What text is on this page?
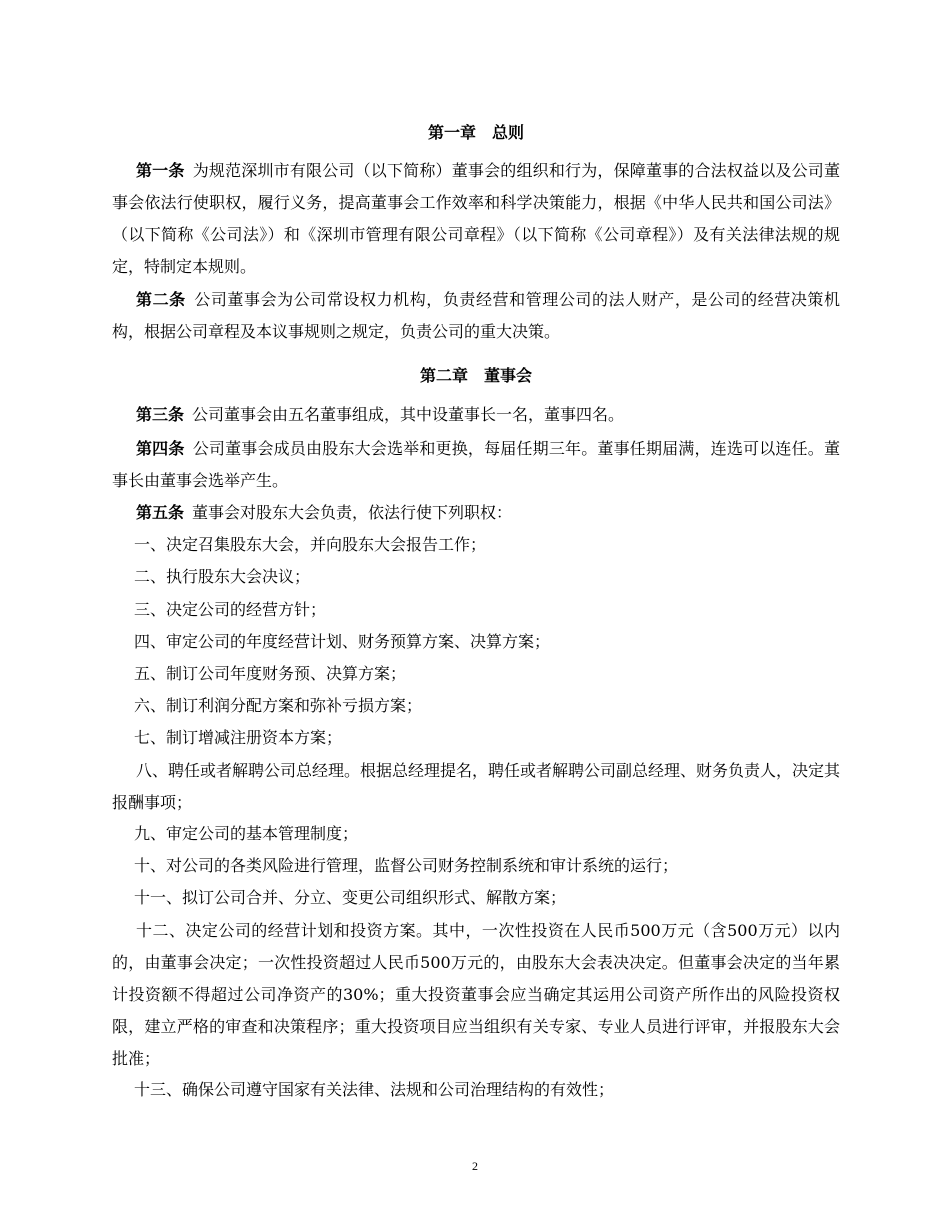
第一章　总则
第一条  为规范深圳市有限公司（以下简称）董事会的组织和行为，保障董事的合法权益以及公司董事会依法行使职权，履行义务，提高董事会工作效率和科学决策能力，根据《中华人民共和国公司法》（以下简称《公司法》）和《深圳市管理有限公司章程》（以下简称《公司章程》）及有关法律法规的规定，特制定本规则。
第二条  公司董事会为公司常设权力机构，负责经营和管理公司的法人财产，是公司的经营决策机构，根据公司章程及本议事规则之规定，负责公司的重大决策。
第二章　董事会
第三条  公司董事会由五名董事组成，其中设董事长一名，董事四名。
第四条  公司董事会成员由股东大会选举和更换，每届任期三年。董事任期届满，连选可以连任。董事长由董事会选举产生。
第五条  董事会对股东大会负责，依法行使下列职权：
一、决定召集股东大会，并向股东大会报告工作；
二、执行股东大会决议；
三、决定公司的经营方针；
四、审定公司的年度经营计划、财务预算方案、决算方案；
五、制订公司年度财务预、决算方案；
六、制订利润分配方案和弥补亏损方案；
七、制订增减注册资本方案；
八、聘任或者解聘公司总经理。根据总经理提名，聘任或者解聘公司副总经理、财务负责人，决定其报酬事项；
九、审定公司的基本管理制度；
十、对公司的各类风险进行管理，监督公司财务控制系统和审计系统的运行；
十一、拟订公司合并、分立、变更公司组织形式、解散方案；
十二、决定公司的经营计划和投资方案。其中，一次性投资在人民币500万元（含500万元）以内的，由董事会决定；一次性投资超过人民币500万元的，由股东大会表决决定。但董事会决定的当年累计投资额不得超过公司净资产的30%；重大投资董事会应当确定其运用公司资产所作出的风险投资权限，建立严格的审查和决策程序；重大投资项目应当组织有关专家、专业人员进行评审，并报股东大会批准；
十三、确保公司遵守国家有关法律、法规和公司治理结构的有效性；
2
